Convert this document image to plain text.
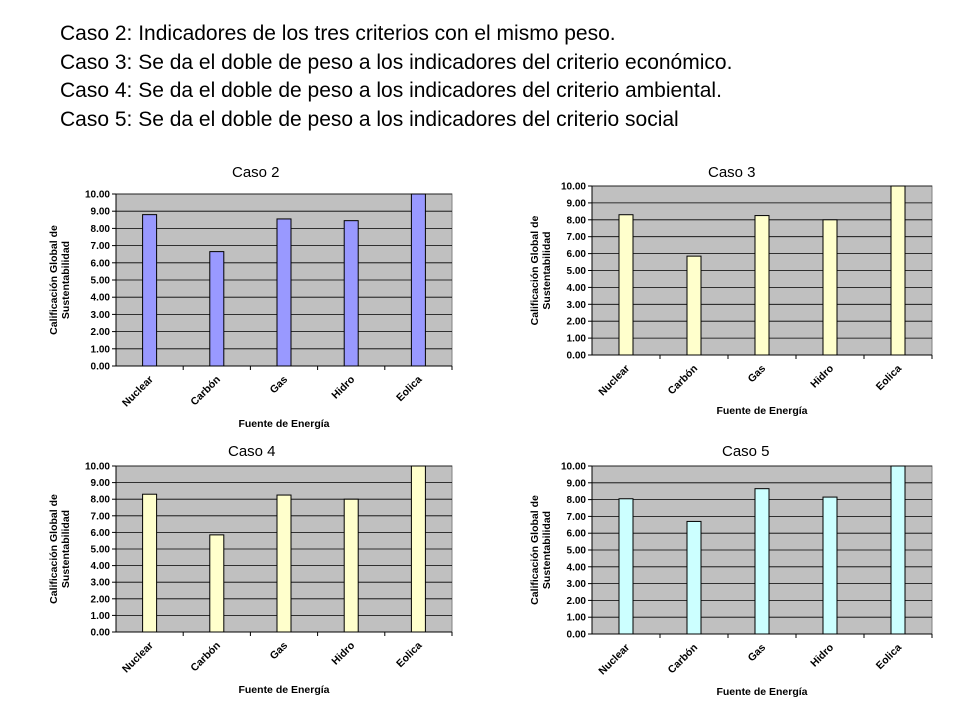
Caso 2: Indicadores de los tres criterios con el mismo peso.
Caso 3: Se da el doble de peso a los indicadores del criterio económico.
Caso 4: Se da el doble de peso a los indicadores del criterio ambiental.
Caso 5: Se da el doble de peso a los indicadores del criterio social
Caso 2	Caso 3
Caso 4	Caso 5
0.00
1.00
2.00
3.00
4.00
5.00
6.00
7.00
8.00
9.00
10.00
Nuclear	Carbón	Gas	Hidro	Eolica
Fuente de Energía
Calificación Global deSustentabilidad
0.00
1.00
2.00
3.00
4.00
5.00
6.00
7.00
8.00
9.00
10.00
Nuclear	Carbón	Gas	Hidro	Eolica
Fuente de Energía
Calificación Global deSustentabilidad
0.00
1.00
2.00
3.00
4.00
5.00
6.00
7.00
8.00
9.00
10.00
Nuclear	Carbón	Gas	Hidro	Eolica
Fuente de Energía
Calificación Global deSustentabilidad
0.00
1.00
2.00
3.00
4.00
5.00
6.00
7.00
8.00
9.00
10.00
Nuclear	Carbón	Gas	Hidro	Eolica
Fuente de Energía
Calificación Global deSustentabilidad
